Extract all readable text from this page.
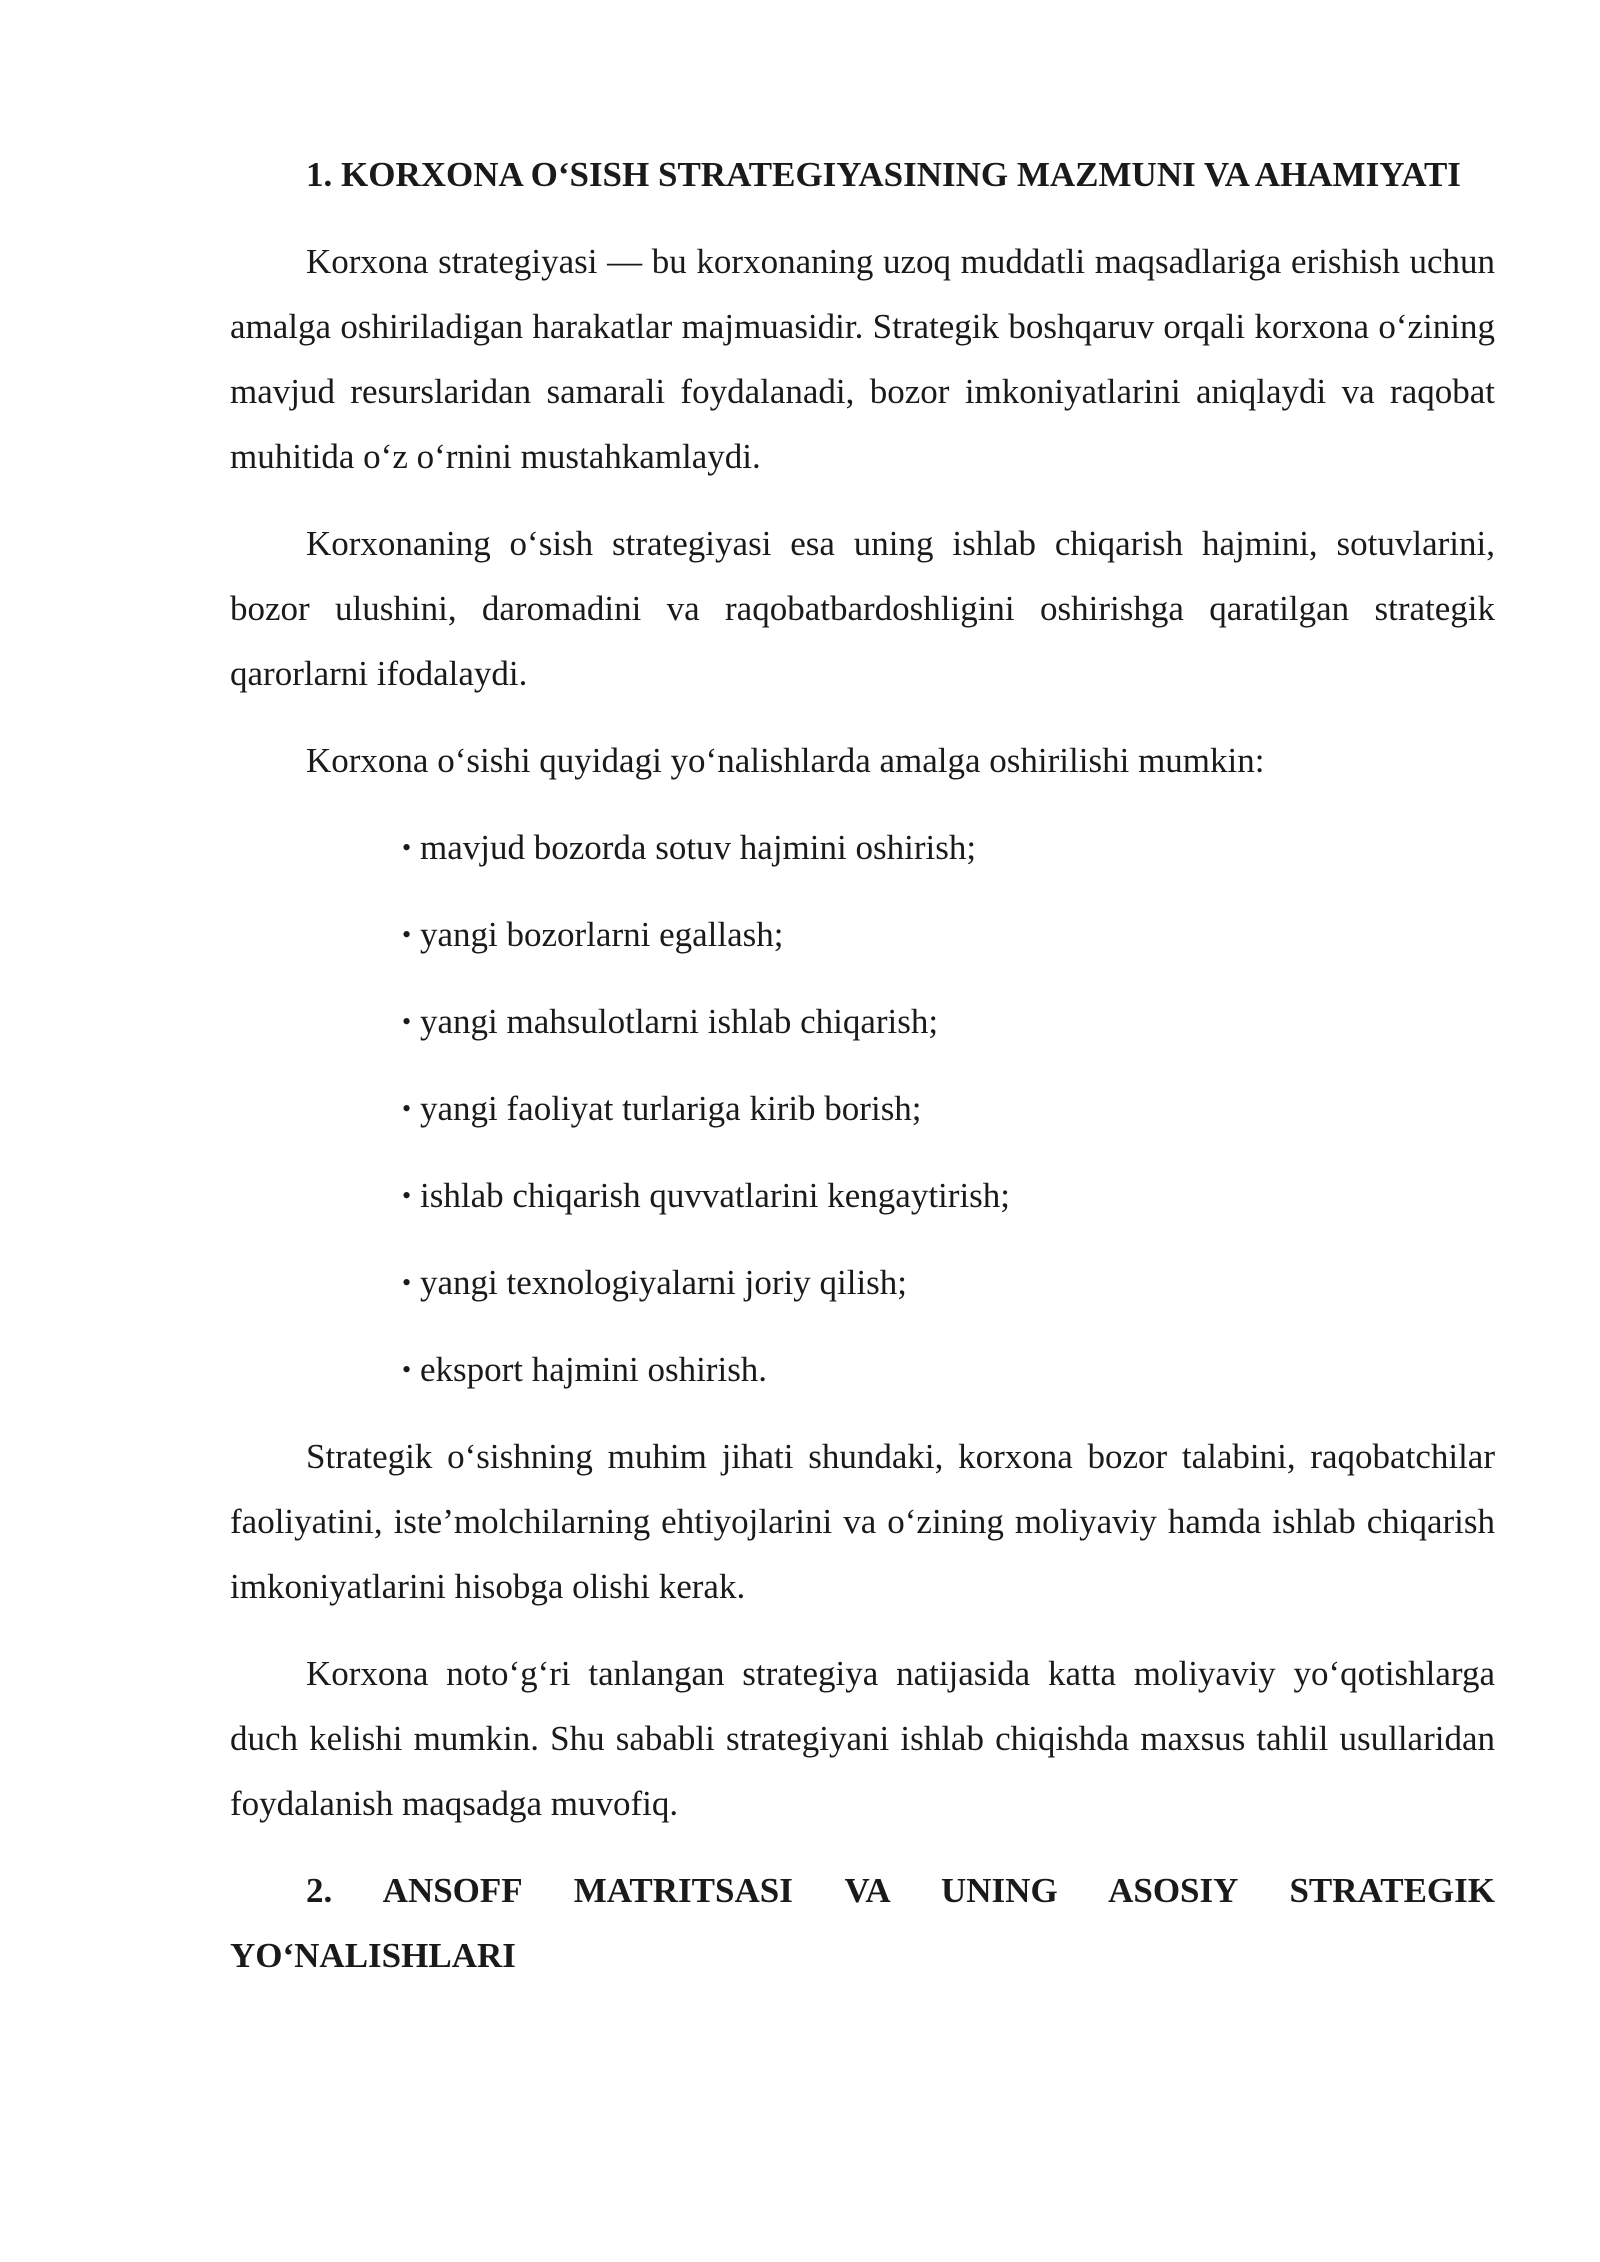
1. KORXONA O‘SISH STRATEGIYASINING MAZMUNI VA AHAMIYATI

Korxona strategiyasi — bu korxonaning uzoq muddatli maqsadlariga erishish uchun amalga oshiriladigan harakatlar majmuasidir. Strategik boshqaruv orqali korxona o‘zining mavjud resurslaridan samarali foydalanadi, bozor imkoniyatlarini aniqlaydi va raqobat muhitida o‘z o‘rnini mustahkamlaydi.

Korxonaning o‘sish strategiyasi esa uning ishlab chiqarish hajmini, sotuvlarini, bozor ulushini, daromadini va raqobatbardoshligini oshirishga qaratilgan strategik qarorlarni ifodalaydi.

Korxona o‘sishi quyidagi yo‘nalishlarda amalga oshirilishi mumkin:

• mavjud bozorda sotuv hajmini oshirish;
• yangi bozorlarni egallash;
• yangi mahsulotlarni ishlab chiqarish;
• yangi faoliyat turlariga kirib borish;
• ishlab chiqarish quvvatlarini kengaytirish;
• yangi texnologiyalarni joriy qilish;
• eksport hajmini oshirish.

Strategik o‘sishning muhim jihati shundaki, korxona bozor talabini, raqobatchilar faoliyatini, iste’molchilarning ehtiyojlarini va o‘zining moliyaviy hamda ishlab chiqarish imkoniyatlarini hisobga olishi kerak.

Korxona noto‘g‘ri tanlangan strategiya natijasida katta moliyaviy yo‘qotishlarga duch kelishi mumkin. Shu sababli strategiyani ishlab chiqishda maxsus tahlil usullaridan foydalanish maqsadga muvofiq.

2. ANSOFF MATRITSASI VA UNING ASOSIY STRATEGIK YO‘NALISHLARI
